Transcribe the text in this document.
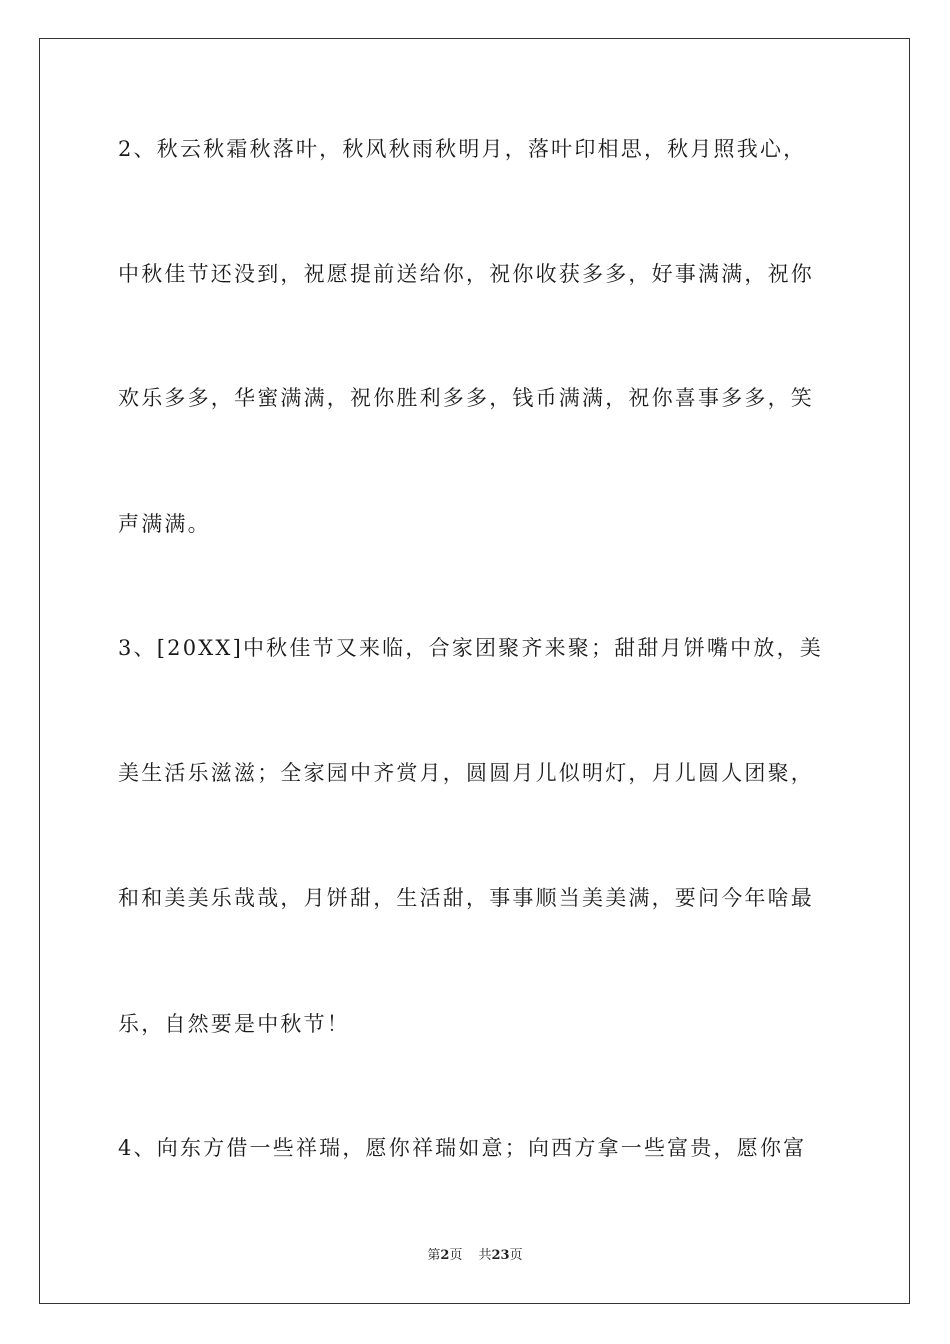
2、秋云秋霜秋落叶，秋风秋雨秋明月，落叶印相思，秋月照我心，
中秋佳节还没到，祝愿提前送给你，祝你收获多多，好事满满，祝你
欢乐多多，华蜜满满，祝你胜利多多，钱币满满，祝你喜事多多，笑
声满满。
3、[20XX]中秋佳节又来临，合家团聚齐来聚；甜甜月饼嘴中放，美
美生活乐滋滋；全家园中齐赏月，圆圆月儿似明灯，月儿圆人团聚，
和和美美乐哉哉，月饼甜，生活甜，事事顺当美美满，要问今年啥最
乐，自然要是中秋节！
4、向东方借一些祥瑞，愿你祥瑞如意；向西方拿一些富贵，愿你富
第2页 共23页
